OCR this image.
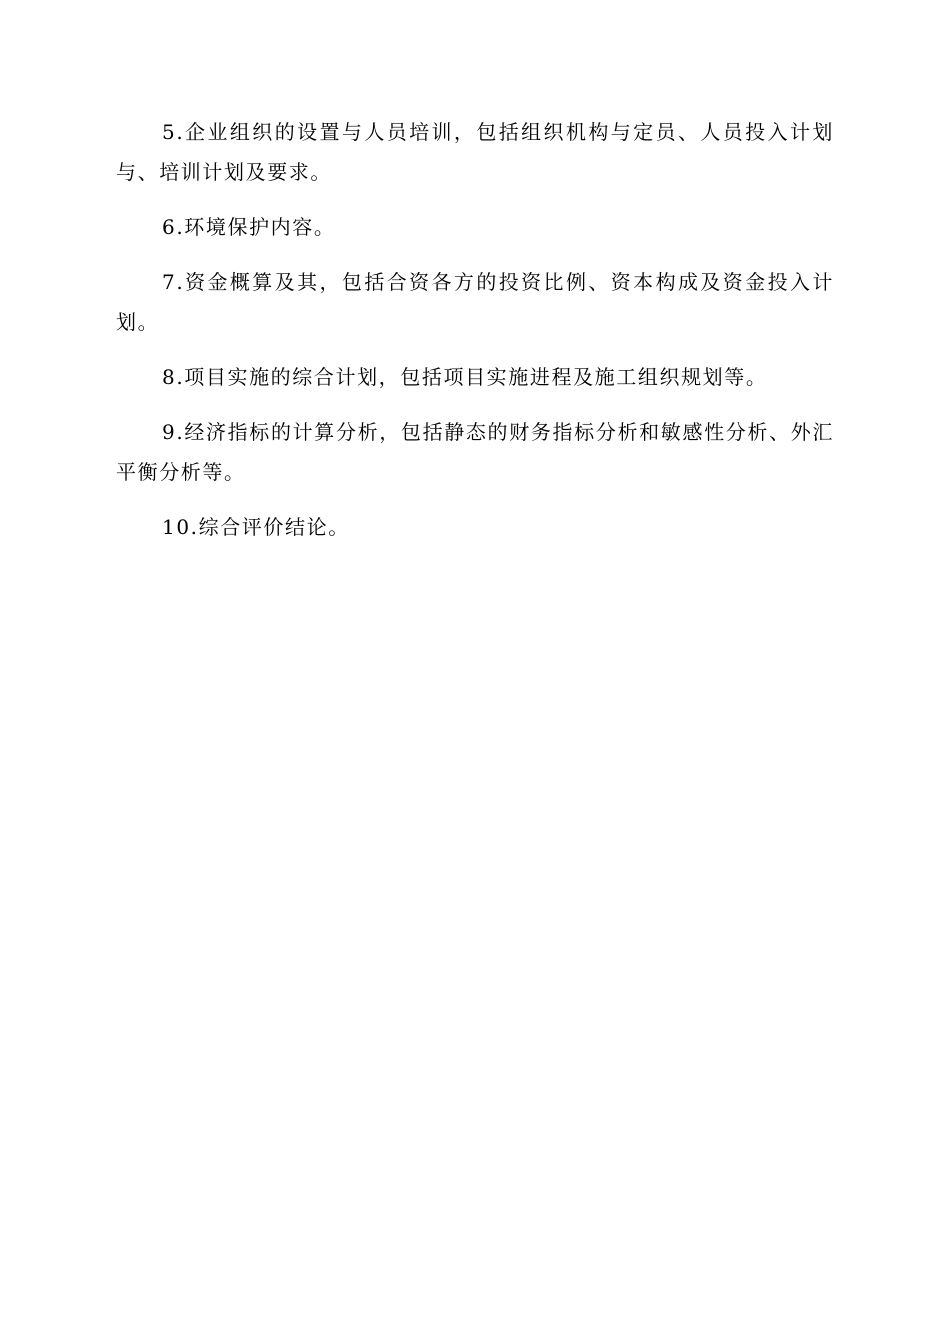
5.企业组织的设置与人员培训，包括组织机构与定员、人员投入计划与、培训计划及要求。

6.环境保护内容。

7.资金概算及其，包括合资各方的投资比例、资本构成及资金投入计划。

8.项目实施的综合计划，包括项目实施进程及施工组织规划等。

9.经济指标的计算分析，包括静态的财务指标分析和敏感性分析、外汇平衡分析等。

10.综合评价结论。
